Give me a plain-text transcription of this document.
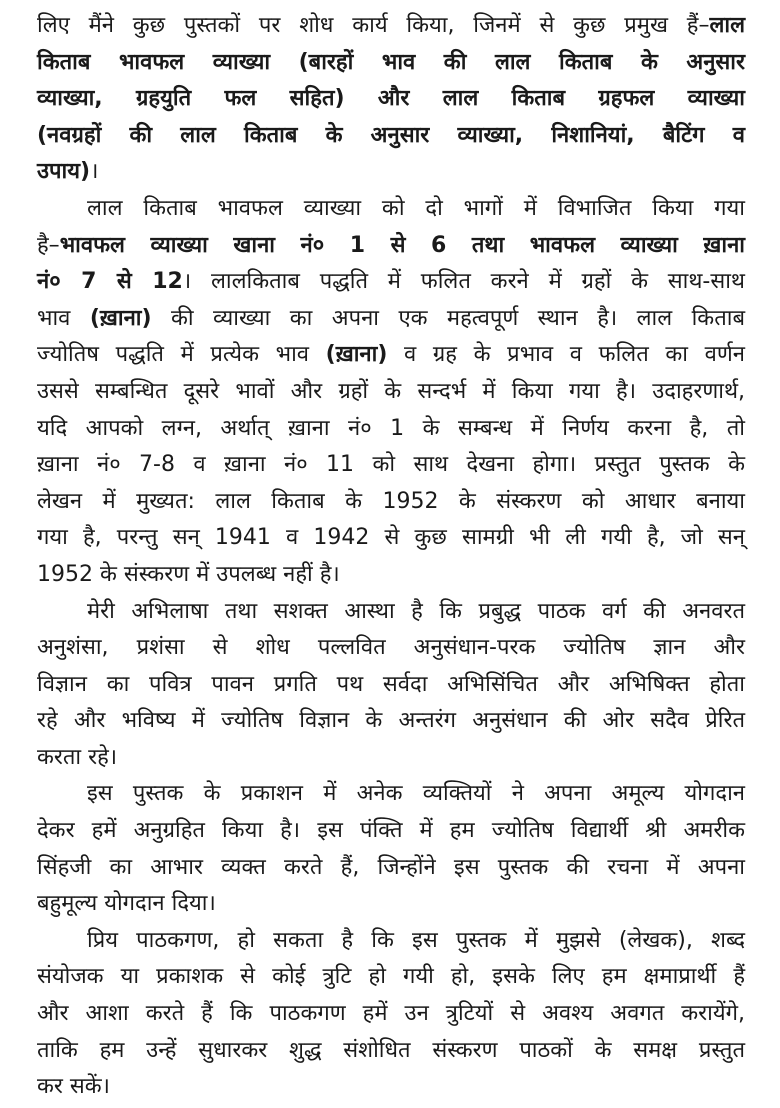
लिए मैंने कुछ पुस्तकों पर शोध कार्य किया, जिनमें से कुछ प्रमुख हैं–लाल
किताब भावफल व्याख्या (बारहों भाव की लाल किताब के अनुसार
व्याख्या, ग्रहयुति फल सहित) और लाल किताब ग्रहफल व्याख्या
(नवग्रहों की लाल किताब के अनुसार व्याख्या, निशानियां, बैटिंग व
उपाय)।
लाल किताब भावफल व्याख्या को दो भागों में विभाजित किया गया
है–भावफल व्याख्या खाना नं० 1 से 6 तथा भावफल व्याख्या ख़ाना
नं० 7 से 12। लालकिताब पद्धति में फलित करने में ग्रहों के साथ-साथ
भाव (ख़ाना) की व्याख्या का अपना एक महत्वपूर्ण स्थान है। लाल किताब
ज्योतिष पद्धति में प्रत्येक भाव (ख़ाना) व ग्रह के प्रभाव व फलित का वर्णन
उससे सम्बन्धित दूसरे भावों और ग्रहों के सन्दर्भ में किया गया है। उदाहरणार्थ,
यदि आपको लग्न, अर्थात् ख़ाना नं० 1 के सम्बन्ध में निर्णय करना है, तो
ख़ाना नं० 7-8 व ख़ाना नं० 11 को साथ देखना होगा। प्रस्तुत पुस्तक के
लेखन में मुख्यत: लाल किताब के 1952 के संस्करण को आधार बनाया
गया है, परन्तु सन् 1941 व 1942 से कुछ सामग्री भी ली गयी है, जो सन्
1952 के संस्करण में उपलब्ध नहीं है।
मेरी अभिलाषा तथा सशक्त आस्था है कि प्रबुद्ध पाठक वर्ग की अनवरत
अनुशंसा, प्रशंसा से शोध पल्लवित अनुसंधान-परक ज्योतिष ज्ञान और
विज्ञान का पवित्र पावन प्रगति पथ सर्वदा अभिसिंचित और अभिषिक्त होता
रहे और भविष्य में ज्योतिष विज्ञान के अन्तरंग अनुसंधान की ओर सदैव प्रेरित
करता रहे।
इस पुस्तक के प्रकाशन में अनेक व्यक्तियों ने अपना अमूल्य योगदान
देकर हमें अनुग्रहित किया है। इस पंक्ति में हम ज्योतिष विद्यार्थी श्री अमरीक
सिंहजी का आभार व्यक्त करते हैं, जिन्होंने इस पुस्तक की रचना में अपना
बहुमूल्य योगदान दिया।
प्रिय पाठकगण, हो सकता है कि इस पुस्तक में मुझसे (लेखक), शब्द
संयोजक या प्रकाशक से कोई त्रुटि हो गयी हो, इसके लिए हम क्षमाप्रार्थी हैं
और आशा करते हैं कि पाठकगण हमें उन त्रुटियों से अवश्य अवगत करायेंगे,
ताकि हम उन्हें सुधारकर शुद्ध संशोधित संस्करण पाठकों के समक्ष प्रस्तुत
कर सकें।
